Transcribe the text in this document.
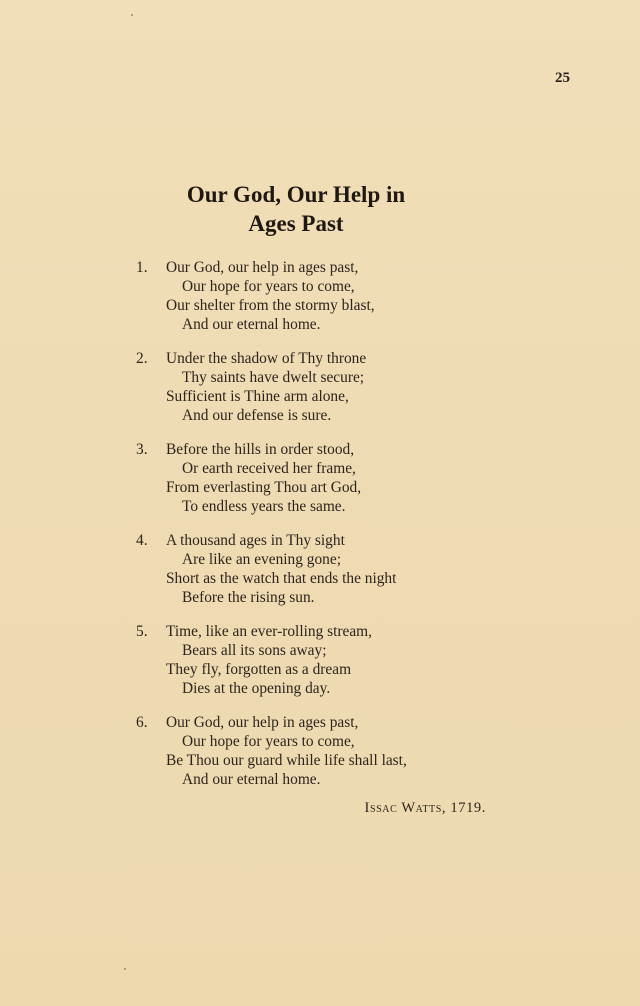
25
Our God, Our Help in
Ages Past
1.	Our God, our help in ages past,
Our hope for years to come,
Our shelter from the stormy blast,
And our eternal home.
2.	Under the shadow of Thy throne
Thy saints have dwelt secure;
Sufficient is Thine arm alone,
And our defense is sure.
3.	Before the hills in order stood,
Or earth received her frame,
From everlasting Thou art God,
To endless years the same.
4.	A thousand ages in Thy sight
Are like an evening gone;
Short as the watch that ends the night
Before the rising sun.
5.	Time, like an ever-rolling stream,
Bears all its sons away;
They fly, forgotten as a dream
Dies at the opening day.
6.	Our God, our help in ages past,
Our hope for years to come,
Be Thou our guard while life shall last,
And our eternal home.
Issac Watts, 1719.
